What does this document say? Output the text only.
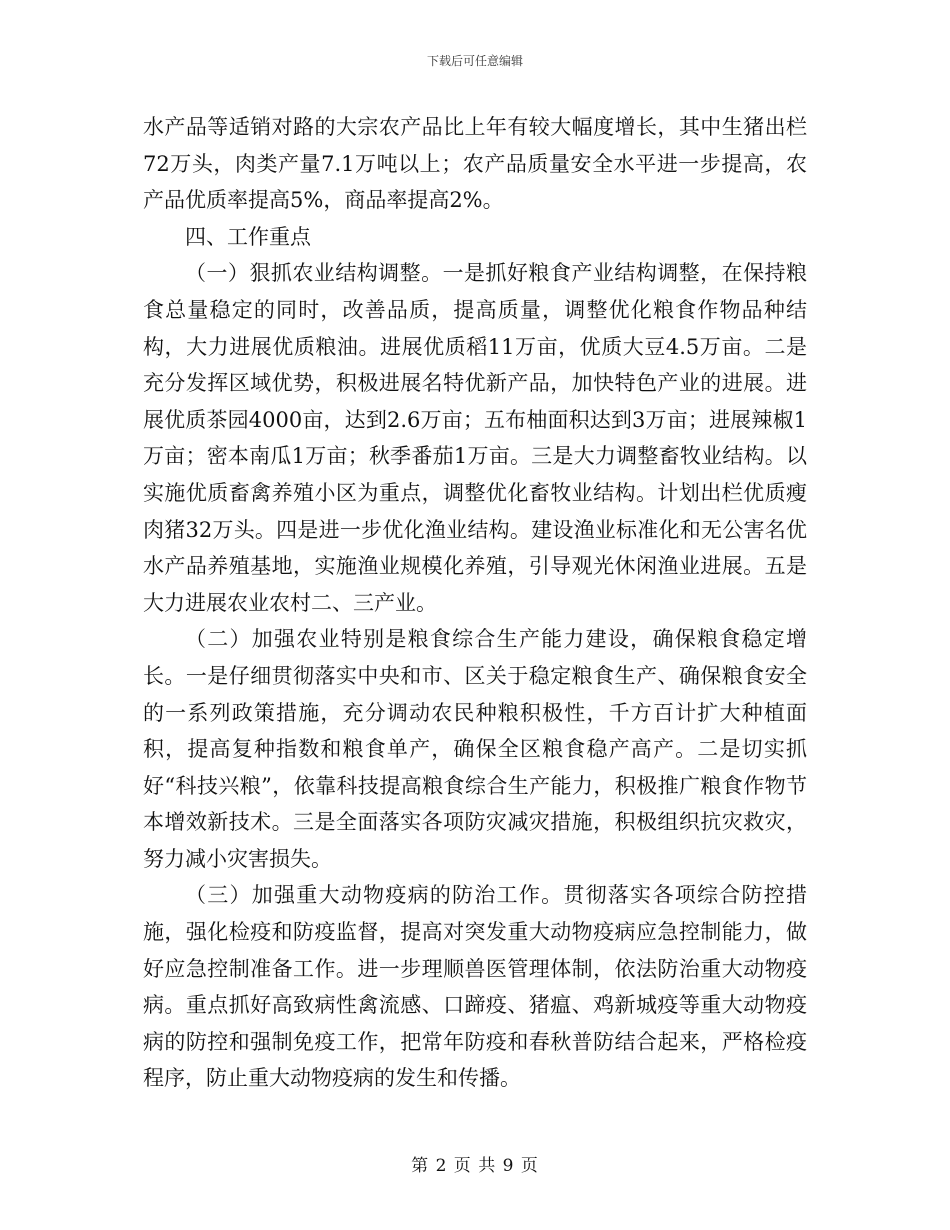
下载后可任意编辑

水产品等适销对路的大宗农产品比上年有较大幅度增长，其中生猪出栏72万头，肉类产量7.1万吨以上；农产品质量安全水平进一步提高，农产品优质率提高5%，商品率提高2%。

四、工作重点

（一）狠抓农业结构调整。一是抓好粮食产业结构调整，在保持粮食总量稳定的同时，改善品质，提高质量，调整优化粮食作物品种结构，大力进展优质粮油。进展优质稻11万亩，优质大豆4.5万亩。二是充分发挥区域优势，积极进展名特优新产品，加快特色产业的进展。进展优质茶园4000亩，达到2.6万亩；五布柚面积达到3万亩；进展辣椒1万亩；密本南瓜1万亩；秋季番茄1万亩。三是大力调整畜牧业结构。以实施优质畜禽养殖小区为重点，调整优化畜牧业结构。计划出栏优质瘦肉猪32万头。四是进一步优化渔业结构。建设渔业标准化和无公害名优水产品养殖基地，实施渔业规模化养殖，引导观光休闲渔业进展。五是大力进展农业农村二、三产业。

（二）加强农业特别是粮食综合生产能力建设，确保粮食稳定增长。一是仔细贯彻落实中央和市、区关于稳定粮食生产、确保粮食安全的一系列政策措施，充分调动农民种粮积极性，千方百计扩大种植面积，提高复种指数和粮食单产，确保全区粮食稳产高产。二是切实抓好“科技兴粮”，依靠科技提高粮食综合生产能力，积极推广粮食作物节本增效新技术。三是全面落实各项防灾减灾措施，积极组织抗灾救灾，努力减小灾害损失。

（三）加强重大动物疫病的防治工作。贯彻落实各项综合防控措施，强化检疫和防疫监督，提高对突发重大动物疫病应急控制能力，做好应急控制准备工作。进一步理顺兽医管理体制，依法防治重大动物疫病。重点抓好高致病性禽流感、口蹄疫、猪瘟、鸡新城疫等重大动物疫病的防控和强制免疫工作，把常年防疫和春秋普防结合起来，严格检疫程序，防止重大动物疫病的发生和传播。

第 2 页 共 9 页
